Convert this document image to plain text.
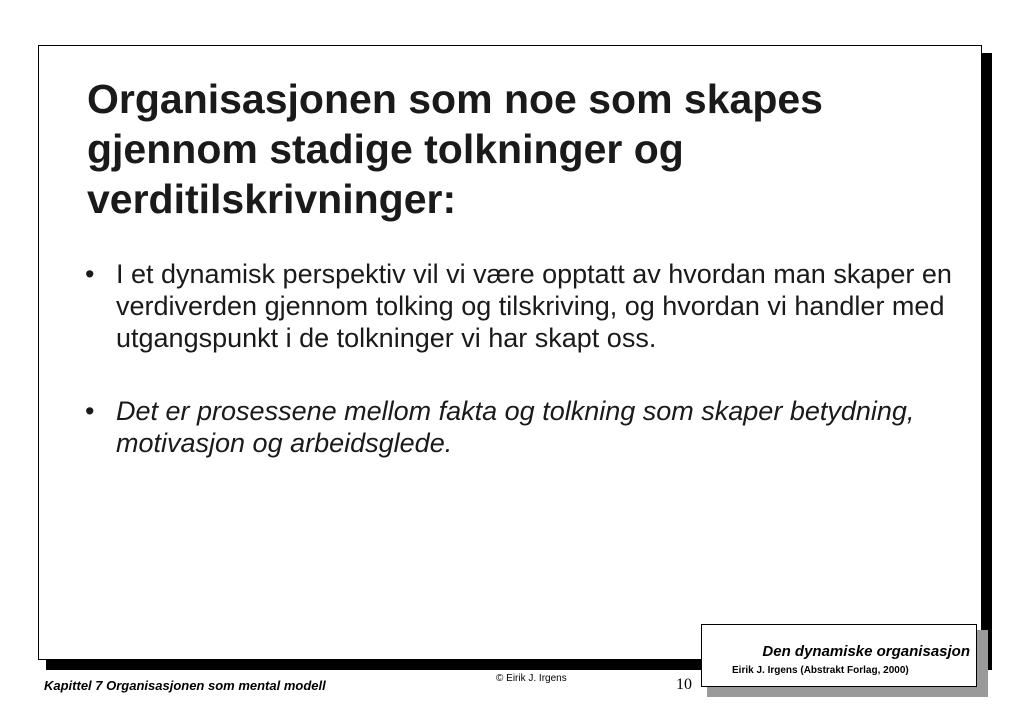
Organisasjonen som noe som skapes gjennom stadige tolkninger og verditilskrivninger:
• I et dynamisk perspektiv vil vi være opptatt av hvordan man skaper en verdiverden gjennom tolking og tilskriving, og hvordan vi handler med utgangspunkt i de tolkninger vi har skapt oss.
• Det er prosessene mellom fakta og tolkning som skaper betydning, motivasjon og arbeidsglede.
Den dynamiske organisasjon
Eirik J. Irgens (Abstrakt Forlag, 2000)
Kapittel 7 Organisasjonen som mental modell	© Eirik J. Irgens	10
